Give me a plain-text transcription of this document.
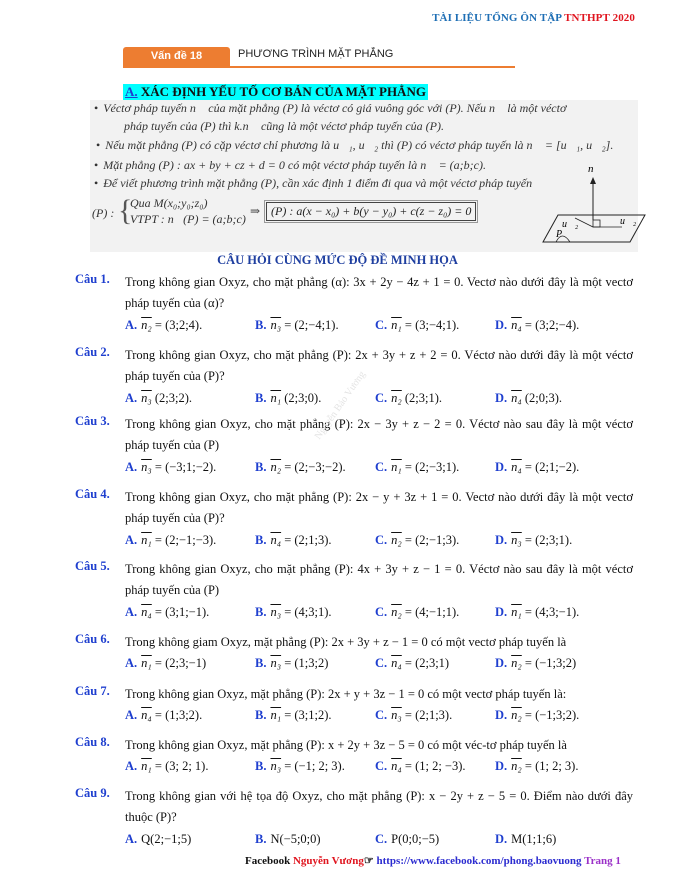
TÀI LIỆU TỔNG ÔN TẬP TNTHPT 2020
Vấn đề 18	PHƯƠNG TRÌNH MẶT PHẲNG
A. XÁC ĐỊNH YẾU TỐ CƠ BẢN CỦA MẶT PHẲNG
• Véctơ pháp tuyến n⃗ của mặt phẳng (P) là véctơ có giá vuông góc với (P). Nếu n⃗ là một véctơ
pháp tuyến của (P) thì k.n⃗ cũng là một véctơ pháp tuyến của (P).
• Nếu mặt phẳng (P) có cặp véctơ chỉ phương là u⃗₁, u⃗₂ thì (P) có véctơ pháp tuyến là n⃗ = [u⃗₁, u⃗₂].
• Mặt phẳng (P) : ax + by + cz + d = 0 có một véctơ pháp tuyến là n⃗ = (a;b;c).
• Để viết phương trình mặt phẳng (P), cần xác định 1 điểm đi qua và một véctơ pháp tuyến
(P) : {
Qua M(x₀;y₀;z₀)
VTPT : n⃗(P) = (a;b;c)
⇒ (P) : a(x − x₀) + b(y − y₀) + c(z − z₀) = 0
n⃗
u⃗₂	u⃗₂
P
CÂU HỎI CÙNG MỨC ĐỘ ĐỀ MINH HỌA
Câu 1. Trong không gian Oxyz, cho mặt phẳng (α): 3x + 2y − 4z + 1 = 0. Vectơ nào dưới đây là một vectơ pháp tuyến của (α)?
A. n₂ = (3;2;4).	B. n₃ = (2;−4;1).	C. n₁ = (3;−4;1).	D. n₄ = (3;2;−4).
Câu 2. Trong không gian Oxyz, cho mặt phẳng (P): 2x + 3y + z + 2 = 0. Véctơ nào dưới đây là một véctơ pháp tuyến của (P)?
A. n₃ (2;3;2).	B. n₁ (2;3;0).	C. n₂ (2;3;1).	D. n₄ (2;0;3).
Câu 3. Trong không gian Oxyz, cho mặt phẳng (P): 2x − 3y + z − 2 = 0. Véctơ nào sau đây là một véctơ pháp tuyến của (P)
A. n₃ = (−3;1;−2).	B. n₂ = (2;−3;−2). C. n₁ = (2;−3;1).	D. n₄ = (2;1;−2).
Câu 4. Trong không gian Oxyz, cho mặt phẳng (P): 2x − y + 3z + 1 = 0. Vectơ nào dưới đây là một vectơ pháp tuyến của (P)?
A. n₁ = (2;−1;−3).	B. n₄ = (2;1;3).	C. n₂ = (2;−1;3).	D. n₃ = (2;3;1).
Câu 5. Trong không gian Oxyz, cho mặt phẳng (P): 4x + 3y + z − 1 = 0. Véctơ nào sau đây là một véctơ pháp tuyến của (P)
A. n₄ = (3;1;−1).	B. n₃ = (4;3;1).	C. n₂ = (4;−1;1).	D. n₁ = (4;3;−1).
Câu 6. Trong không giam Oxyz, mặt phẳng (P): 2x + 3y + z − 1 = 0 có một vectơ pháp tuyến là
A. n₁ = (2;3;−1)	B. n₃ = (1;3;2)	C. n₄ = (2;3;1)	D. n₂ = (−1;3;2)
Câu 7. Trong không gian Oxyz, mặt phẳng (P): 2x + y + 3z − 1 = 0 có một vectơ pháp tuyến là:
A. n₄ = (1;3;2).	B. n₁ = (3;1;2).	C. n₃ = (2;1;3).	D. n₂ = (−1;3;2).
Câu 8. Trong không gian Oxyz, mặt phẳng (P): x + 2y + 3z − 5 = 0 có một véc-tơ pháp tuyến là
A. n₁ = (3; 2; 1).	B. n₃ = (−1; 2; 3). C. n₄ = (1; 2; −3). D. n₂ = (1; 2; 3).
Câu 9. Trong không gian với hệ tọa độ Oxyz, cho mặt phẳng (P): x − 2y + z − 5 = 0. Điểm nào dưới đây thuộc (P)?
A. Q(2;−1;5)	B. N(−5;0;0)	C. P(0;0;−5)	D. M(1;1;6)
Nguyễn Bảo Vương
Facebook Nguyễn Vương☞ https://www.facebook.com/phong.baovuong Trang 1
